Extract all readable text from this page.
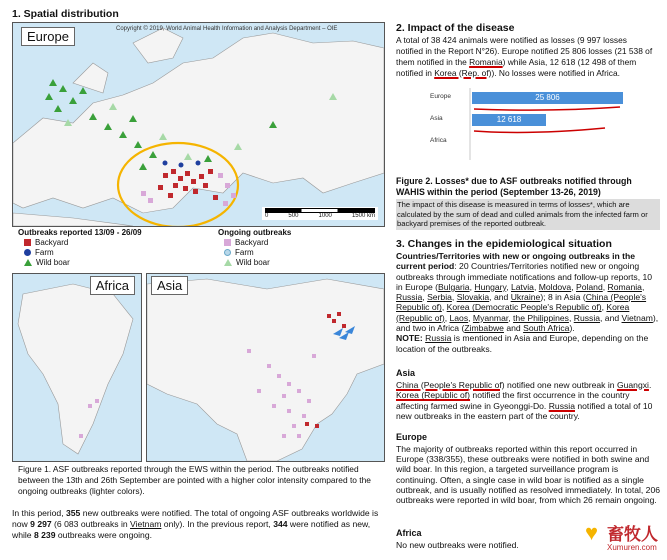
1. Spatial distribution
Europe	Copyright © 2019, World Animal Health Information and Analysis Department – OIE
0	500	1000	1500 km
Outbreaks reported 13/09 - 26/09
Backyard
Farm
Wild boar
Ongoing outbreaks
Backyard
Farm
Wild boar
Africa	Asia

Figure 1. ASF outbreaks reported through the EWS within the period. The outbreaks notified between the 13th and 26th September are pointed with a higher color intensity compared to the ongoing outbreaks (lighter colors).

In this period, 355 new outbreaks were notified. The total of ongoing ASF outbreaks worldwide is now 9 297 (6 083 outbreaks in Vietnam only). In the previous report, 344 were notified as new, while 8 239 outbreaks were ongoing.

2. Impact of the disease

A total of 38 424 animals were notified as losses (9 997 losses notified in the Report N°26). Europe notified 25 806 losses (21 538 of them notified in the Romania) while Asia, 12 618 (12 498 of them notified in Korea (Rep. of)). No losses were notified in Africa.

Europe	25 806
Asia	12 618
Africa

Figure 2. Losses* due to ASF outbreaks notified through WAHIS within the period (September 13-26, 2019)

The impact of this disease is measured in terms of losses*, which are calculated by the sum of dead and culled animals from the infected farm or backyard premises of the reported outbreak.

3. Changes in the epidemiological situation

Countries/Territories with new or ongoing outbreaks in the current period: 20 Countries/Territories notified new or ongoing outbreaks through immediate notifications and follow-up reports, 10 in Europe (Bulgaria, Hungary, Latvia, Moldova, Poland, Romania, Russia, Serbia, Slovakia, and Ukraine); 8 in Asia (China (People's Republic of), Korea (Democratic People's Republic of), Korea (Republic of), Laos, Myanmar, the Philippines, Russia, and Vietnam), and two in Africa (Zimbabwe and South Africa).
NOTE: Russia is mentioned in Asia and Europe, depending on the location of the outbreaks.

Asia

China (People's Republic of) notified one new outbreak in Guangxi. Korea (Republic of) notified the first occurrence in the country affecting farmed swine in Gyeonggi-Do. Russia notified a total of 10 new outbreaks in the eastern part of the country.

Europe

The majority of outbreaks reported within this report occurred in Europe (338/355), these outbreaks were notified in both swine and wild boar. In this region, a targeted surveillance program is continuing. Often, a single case in wild boar is notified as a single outbreak, and is usually notified as resolved immediately. In total, 206 outbreaks were reported in wild boar, from which 26 remain ongoing.

Africa

No new outbreaks were notified.	♥ 畜牧人
Xumuren.com
